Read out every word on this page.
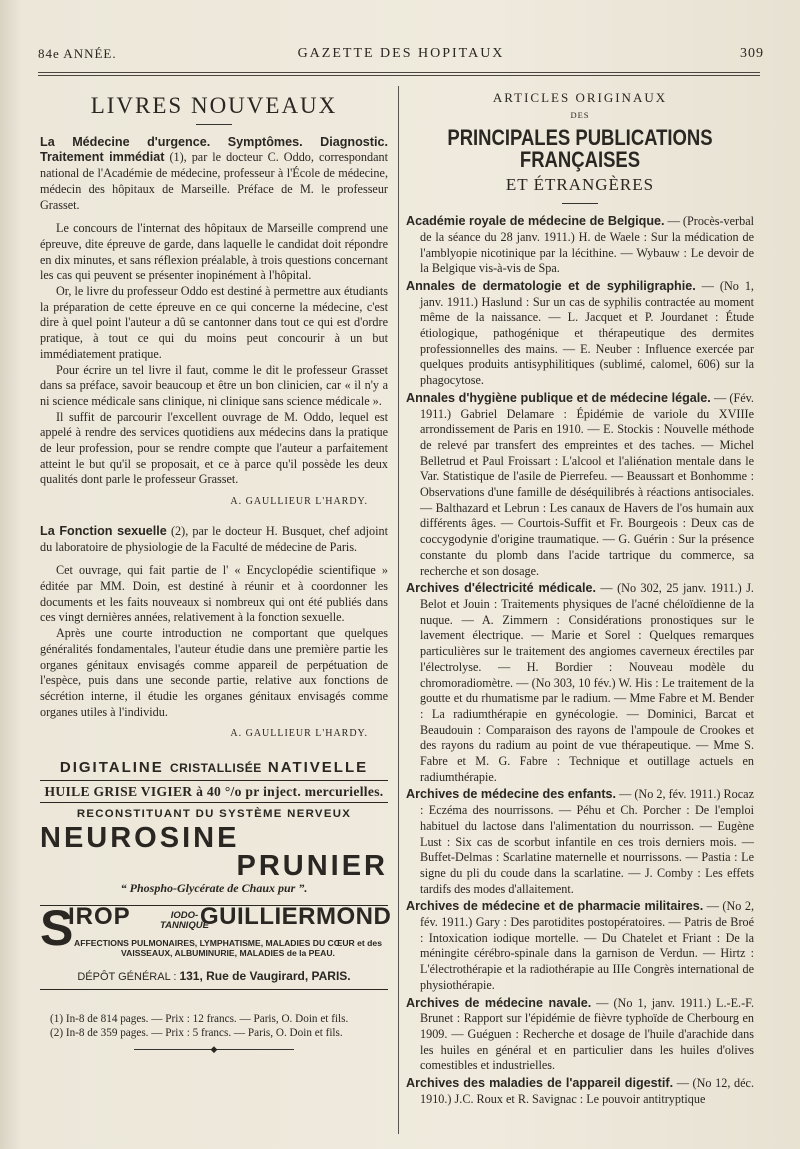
84e ANNÉE.	GAZETTE DES HOPITAUX	309
LIVRES NOUVEAUX

La Médecine d'urgence. Symptômes. Diagnostic. Traitement immédiat (1), par le docteur C. Oddo, correspondant national de l'Académie de médecine, professeur à l'École de médecine, médecin des hôpitaux de Marseille. Préface de M. le professeur Grasset.

Le concours de l'internat des hôpitaux de Marseille comprend une épreuve, dite épreuve de garde, dans laquelle le candidat doit répondre en dix minutes, et sans réflexion préalable, à trois questions concernant les cas qui peuvent se présenter inopinément à l'hôpital.

Or, le livre du professeur Oddo est destiné à permettre aux étudiants la préparation de cette épreuve en ce qui concerne la médecine, c'est dire à quel point l'auteur a dû se cantonner dans tout ce qui est d'ordre pratique, à tout ce qui du moins peut concourir à un but immédiatement pratique.

Pour écrire un tel livre il faut, comme le dit le professeur Grasset dans sa préface, savoir beaucoup et être un bon clinicien, car « il n'y a ni science médicale sans clinique, ni clinique sans science médicale ».

Il suffit de parcourir l'excellent ouvrage de M. Oddo, lequel est appelé à rendre des services quotidiens aux médecins dans la pratique de leur profession, pour se rendre compte que l'auteur a parfaitement atteint le but qu'il se proposait, et ce à parce qu'il possède les deux qualités dont parle le professeur Grasset.

A. GAULLIEUR L'HARDY.

La Fonction sexuelle (2), par le docteur H. Busquet, chef adjoint du laboratoire de physiologie de la Faculté de médecine de Paris.

Cet ouvrage, qui fait partie de l' « Encyclopédie scientifique » éditée par MM. Doin, est destiné à réunir et à coordonner les documents et les faits nouveaux si nombreux qui ont été publiés dans ces vingt dernières années, relativement à la fonction sexuelle.

Après une courte introduction ne comportant que quelques généralités fondamentales, l'auteur étudie dans une première partie les organes génitaux envisagés comme appareil de perpétuation de l'espèce, puis dans une seconde partie, relative aux fonctions de sécrétion interne, il étudie les organes génitaux envisagés comme organes utiles à l'individu.

A. GAULLIEUR L'HARDY.
DIGITALINE CRISTALLISÉE NATIVELLE
HUILE GRISE VIGIER à 40 °/o pr inject. mercurielles.
RECONSTITUANT DU SYSTÈME NERVEUX
NEUROSINE
PRUNIER
“ Phospho-Glycérate de Chaux pur ”.
S
IROP	IODO-
TANNIQUE
GUILLIERMOND
AFFECTIONS PULMONAIRES, LYMPHATISME, MALADIES DU CŒUR et des VAISSEAUX, ALBUMINURIE, MALADIES de la PEAU.
DÉPÔT GÉNÉRAL : 131, Rue de Vaugirard, PARIS.

(1) In-8 de 814 pages. — Prix : 12 francs. — Paris, O. Doin et fils.

(2) In-8 de 359 pages. — Prix : 5 francs. — Paris, O. Doin et fils.

◆
ARTICLES ORIGINAUX
DES
PRINCIPALES PUBLICATIONS FRANÇAISES
ET ÉTRANGÈRES

Académie royale de médecine de Belgique. — (Procès-verbal de la séance du 28 janv. 1911.) H. de Waele : Sur la médication de l'amblyopie nicotinique par la lécithine. — Wybauw : Le devoir de la Belgique vis-à-vis de Spa.

Annales de dermatologie et de syphiligraphie. — (No 1, janv. 1911.) Haslund : Sur un cas de syphilis contractée au moment même de la naissance. — L. Jacquet et P. Jourdanet : Étude étiologique, pathogénique et thérapeutique des dermites professionnelles des mains. — E. Neuber : Influence exercée par quelques produits antisyphilitiques (sublimé, calomel, 606) sur la phagocytose.

Annales d'hygiène publique et de médecine légale. — (Fév. 1911.) Gabriel Delamare : Épidémie de variole du XVIIIe arrondissement de Paris en 1910. — E. Stockis : Nouvelle méthode de relevé par transfert des empreintes et des taches. — Michel Belletrud et Paul Froissart : L'alcool et l'aliénation mentale dans le Var. Statistique de l'asile de Pierrefeu. — Beaussart et Bonhomme : Observations d'une famille de déséquilibrés à réactions antisociales. — Balthazard et Lebrun : Les canaux de Havers de l'os humain aux différents âges. — Courtois-Suffit et Fr. Bourgeois : Deux cas de coccygodynie d'origine traumatique. — G. Guérin : Sur la présence constante du plomb dans l'acide tartrique du commerce, sa recherche et son dosage.

Archives d'électricité médicale. — (No 302, 25 janv. 1911.) J. Belot et Jouin : Traitements physiques de l'acné chéloïdienne de la nuque. — A. Zimmern : Considérations pronostiques sur le lavement électrique. — Marie et Sorel : Quelques remarques particulières sur le traitement des angiomes caverneux érectiles par l'électrolyse. — H. Bordier : Nouveau modèle du chromoradiomètre. — (No 303, 10 fév.) W. His : Le traitement de la goutte et du rhumatisme par le radium. — Mme Fabre et M. Bender : La radiumthérapie en gynécologie. — Dominici, Barcat et Beaudouin : Comparaison des rayons de l'ampoule de Crookes et des rayons du radium au point de vue thérapeutique. — Mme S. Fabre et M. G. Fabre : Technique et outillage actuels en radiumthérapie.

Archives de médecine des enfants. — (No 2, fév. 1911.) Rocaz : Eczéma des nourrissons. — Péhu et Ch. Porcher : De l'emploi habituel du lactose dans l'alimentation du nourrisson. — Eugène Lust : Six cas de scorbut infantile en ces trois derniers mois. — Buffet-Delmas : Scarlatine maternelle et nourrissons. — Pastia : Le signe du pli du coude dans la scarlatine. — J. Comby : Les effets tardifs des modes d'allaitement.

Archives de médecine et de pharmacie militaires. — (No 2, fév. 1911.) Gary : Des parotidites postopératoires. — Patris de Broé : Intoxication iodique mortelle. — Du Chatelet et Friant : De la méningite cérébro-spinale dans la garnison de Verdun. — Hirtz : L'électrothérapie et la radiothérapie au IIIe Congrès international de physiothérapie.

Archives de médecine navale. — (No 1, janv. 1911.) L.-E.-F. Brunet : Rapport sur l'épidémie de fièvre typhoïde de Cherbourg en 1909. — Guéguen : Recherche et dosage de l'huile d'arachide dans les huiles en général et en particulier dans les huiles d'olives comestibles et industrielles.

Archives des maladies de l'appareil digestif. — (No 12, déc. 1910.) J.C. Roux et R. Savignac : Le pouvoir antitryptique
